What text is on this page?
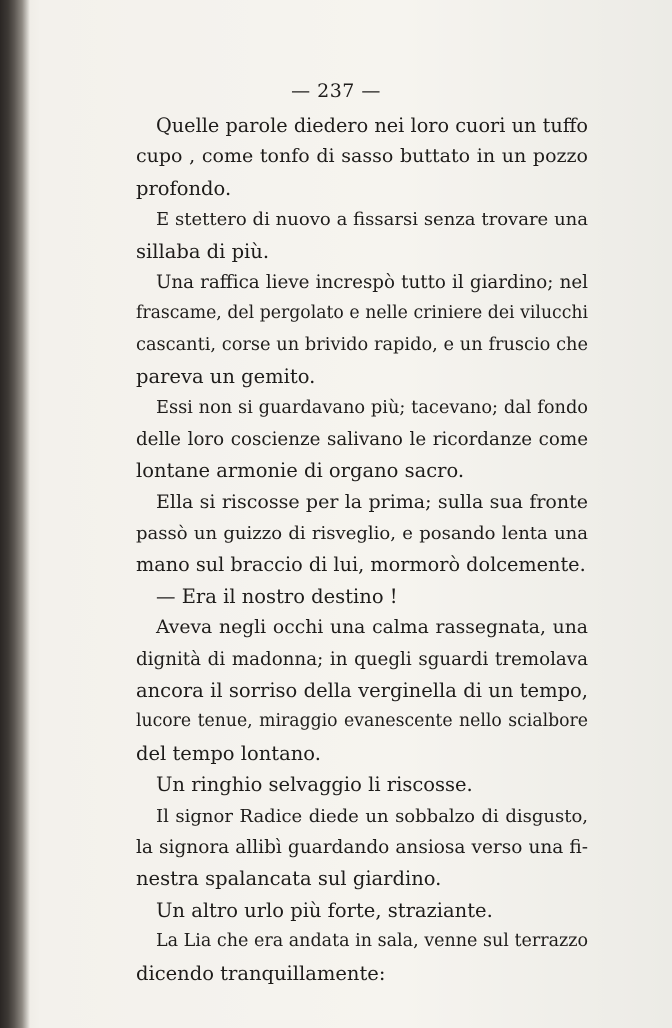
— 237 —
Quelle parole diedero nei loro cuori un tuffo
cupo , come tonfo di sasso buttato in un pozzo
profondo.
E stettero di nuovo a fissarsi senza trovare una
sillaba di più.
Una raffica lieve increspò tutto il giardino; nel
frascame, del pergolato e nelle criniere dei vilucchi
cascanti, corse un brivido rapido, e un fruscio che
pareva un gemito.
Essi non si guardavano più; tacevano; dal fondo
delle loro coscienze salivano le ricordanze come
lontane armonie di organo sacro.
Ella si riscosse per la prima; sulla sua fronte
passò un guizzo di risveglio, e posando lenta una
mano sul braccio di lui, mormorò dolcemente.
— Era il nostro destino !
Aveva negli occhi una calma rassegnata, una
dignità di madonna; in quegli sguardi tremolava
ancora il sorriso della verginella di un tempo,
lucore tenue, miraggio evanescente nello scialbore
del tempo lontano.
Un ringhio selvaggio li riscosse.
Il signor Radice diede un sobbalzo di disgusto,
la signora allibì guardando ansiosa verso una fi-
nestra spalancata sul giardino.
Un altro urlo più forte, straziante.
La Lia che era andata in sala, venne sul terrazzo
dicendo tranquillamente:
